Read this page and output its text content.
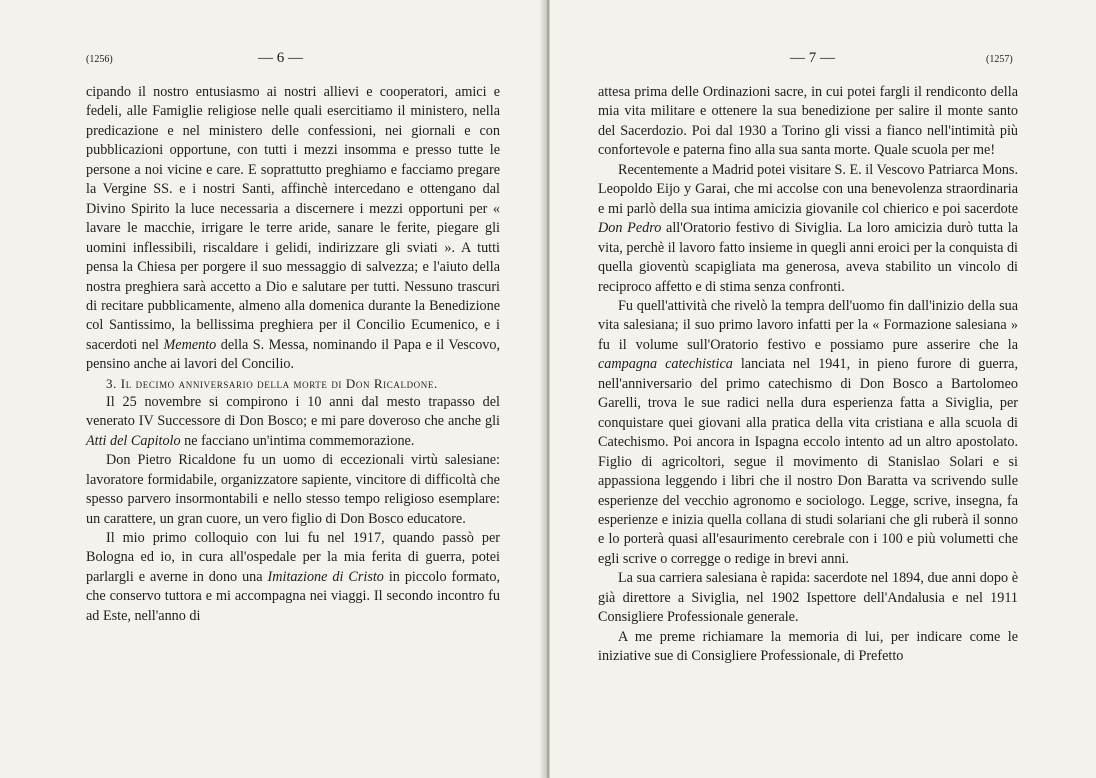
(1256)	— 6 —

cipando il nostro entusiasmo ai nostri allievi e cooperatori, amici e fedeli, alle Famiglie religiose nelle quali esercitiamo il ministero, nella predicazione e nel ministero delle confessioni, nei giornali e con pubblicazioni opportune, con tutti i mezzi insomma e presso tutte le persone a noi vicine e care. E soprattutto preghiamo e facciamo pregare la Vergine SS. e i nostri Santi, affinchè intercedano e ottengano dal Divino Spirito la luce necessaria a discernere i mezzi opportuni per « lavare le macchie, irrigare le terre aride, sanare le ferite, piegare gli uomini inflessibili, riscaldare i gelidi, indirizzare gli sviati ». A tutti pensa la Chiesa per porgere il suo messaggio di salvezza; e l'aiuto della nostra preghiera sarà accetto a Dio e salutare per tutti. Nessuno trascuri di recitare pubblicamente, almeno alla domenica durante la Benedizione col Santissimo, la bellissima preghiera per il Concilio Ecumenico, e i sacerdoti nel Memento della S. Messa, nominando il Papa e il Vescovo, pensino anche ai lavori del Concilio.

3. Il decimo anniversario della morte di Don Ricaldone.

Il 25 novembre si compirono i 10 anni dal mesto trapasso del venerato IV Successore di Don Bosco; e mi pare doveroso che anche gli Atti del Capitolo ne facciano un'intima commemorazione.

Don Pietro Ricaldone fu un uomo di eccezionali virtù salesiane: lavoratore formidabile, organizzatore sapiente, vincitore di difficoltà che spesso parvero insormontabili e nello stesso tempo religioso esemplare: un carattere, un gran cuore, un vero figlio di Don Bosco educatore.

Il mio primo colloquio con lui fu nel 1917, quando passò per Bologna ed io, in cura all'ospedale per la mia ferita di guerra, potei parlargli e averne in dono una Imitazione di Cristo in piccolo formato, che conservo tuttora e mi accompagna nei viaggi. Il secondo incontro fu ad Este, nell'anno di

— 7 —	(1257)

attesa prima delle Ordinazioni sacre, in cui potei fargli il rendiconto della mia vita militare e ottenere la sua benedizione per salire il monte santo del Sacerdozio. Poi dal 1930 a Torino gli vissi a fianco nell'intimità più confortevole e paterna fino alla sua santa morte. Quale scuola per me!

Recentemente a Madrid potei visitare S. E. il Vescovo Patriarca Mons. Leopoldo Eijo y Garai, che mi accolse con una benevolenza straordinaria e mi parlò della sua intima amicizia giovanile col chierico e poi sacerdote Don Pedro all'Oratorio festivo di Siviglia. La loro amicizia durò tutta la vita, perchè il lavoro fatto insieme in quegli anni eroici per la conquista di quella gioventù scapigliata ma generosa, aveva stabilito un vincolo di reciproco affetto e di stima senza confronti.

Fu quell'attività che rivelò la tempra dell'uomo fin dall'inizio della sua vita salesiana; il suo primo lavoro infatti per la « Formazione salesiana » fu il volume sull'Oratorio festivo e possiamo pure asserire che la campagna catechistica lanciata nel 1941, in pieno furore di guerra, nell'anniversario del primo catechismo di Don Bosco a Bartolomeo Garelli, trova le sue radici nella dura esperienza fatta a Siviglia, per conquistare quei giovani alla pratica della vita cristiana e alla scuola di Catechismo. Poi ancora in Ispagna eccolo intento ad un altro apostolato. Figlio di agricoltori, segue il movimento di Stanislao Solari e si appassiona leggendo i libri che il nostro Don Baratta va scrivendo sulle esperienze del vecchio agronomo e sociologo. Legge, scrive, insegna, fa esperienze e inizia quella collana di studi solariani che gli ruberà il sonno e lo porterà quasi all'esaurimento cerebrale con i 100 e più volumetti che egli scrive o corregge o redige in brevi anni.

La sua carriera salesiana è rapida: sacerdote nel 1894, due anni dopo è già direttore a Siviglia, nel 1902 Ispettore dell'Andalusia e nel 1911 Consigliere Professionale generale.

A me preme richiamare la memoria di lui, per indicare come le iniziative sue di Consigliere Professionale, di Prefetto
